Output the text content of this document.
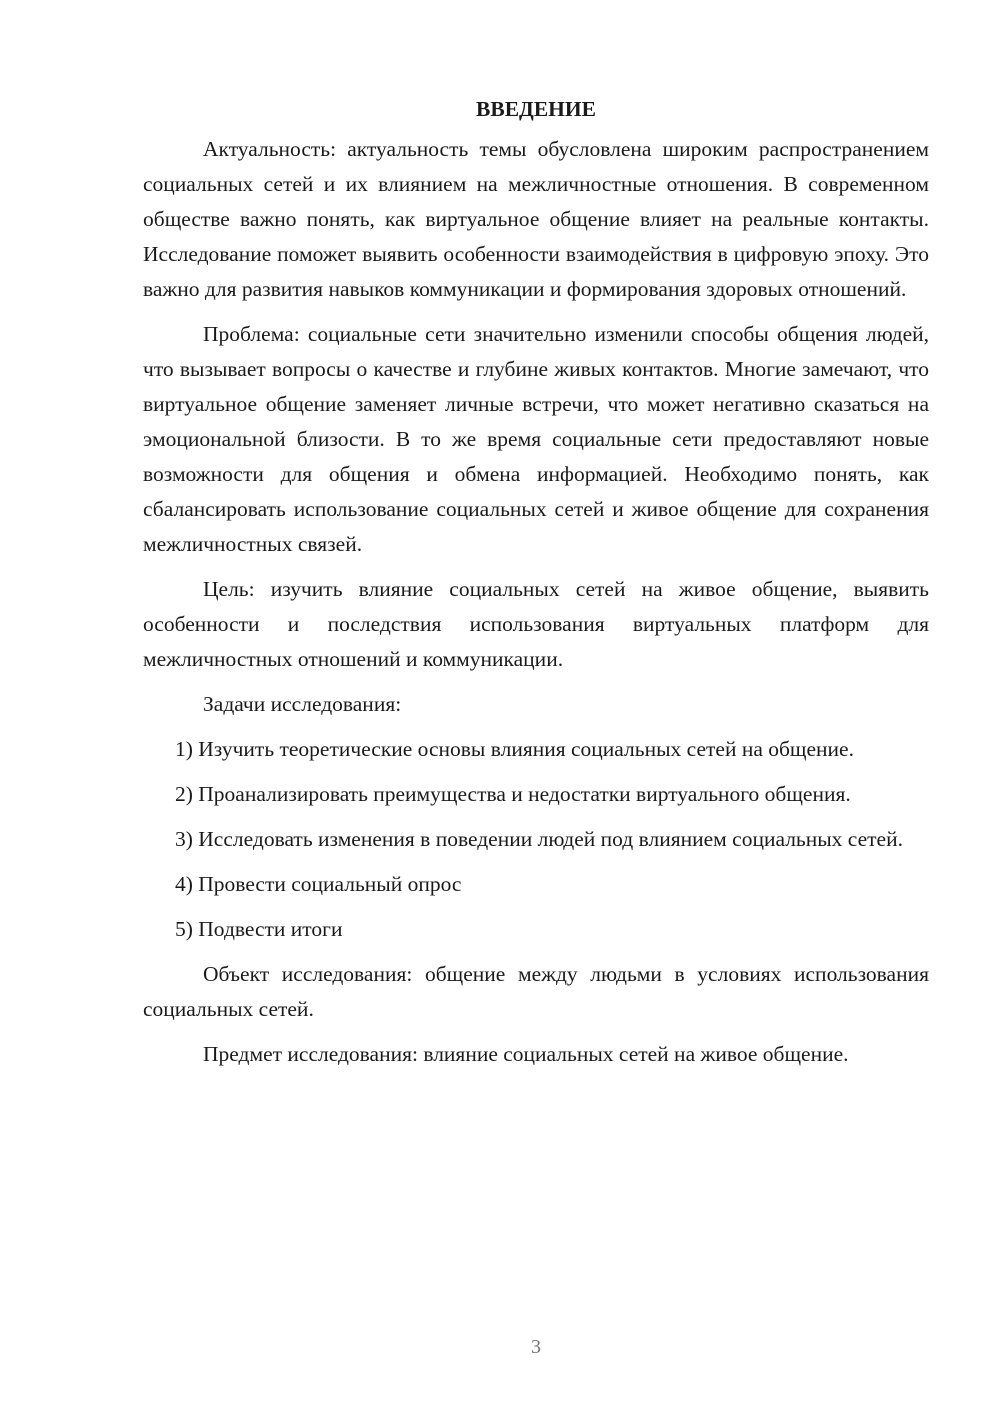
ВВЕДЕНИЕ

Актуальность: актуальность темы обусловлена широким распространением социальных сетей и их влиянием на межличностные отношения. В современном обществе важно понять, как виртуальное общение влияет на реальные контакты. Исследование поможет выявить особенности взаимодействия в цифровую эпоху. Это важно для развития навыков коммуникации и формирования здоровых отношений.

Проблема: социальные сети значительно изменили способы общения людей, что вызывает вопросы о качестве и глубине живых контактов. Многие замечают, что виртуальное общение заменяет личные встречи, что может негативно сказаться на эмоциональной близости. В то же время социальные сети предоставляют новые возможности для общения и обмена информацией. Необходимо понять, как сбалансировать использование социальных сетей и живое общение для сохранения межличностных связей.

Цель: изучить влияние социальных сетей на живое общение, выявить особенности и последствия использования виртуальных платформ для межличностных отношений и коммуникации.

Задачи исследования:

1) Изучить теоретические основы влияния социальных сетей на общение.

2) Проанализировать преимущества и недостатки виртуального общения.

3) Исследовать изменения в поведении людей под влиянием социальных сетей.

4) Провести социальный опрос

5) Подвести итоги

Объект исследования: общение между людьми в условиях использования социальных сетей.

Предмет исследования: влияние социальных сетей на живое общение.

3
